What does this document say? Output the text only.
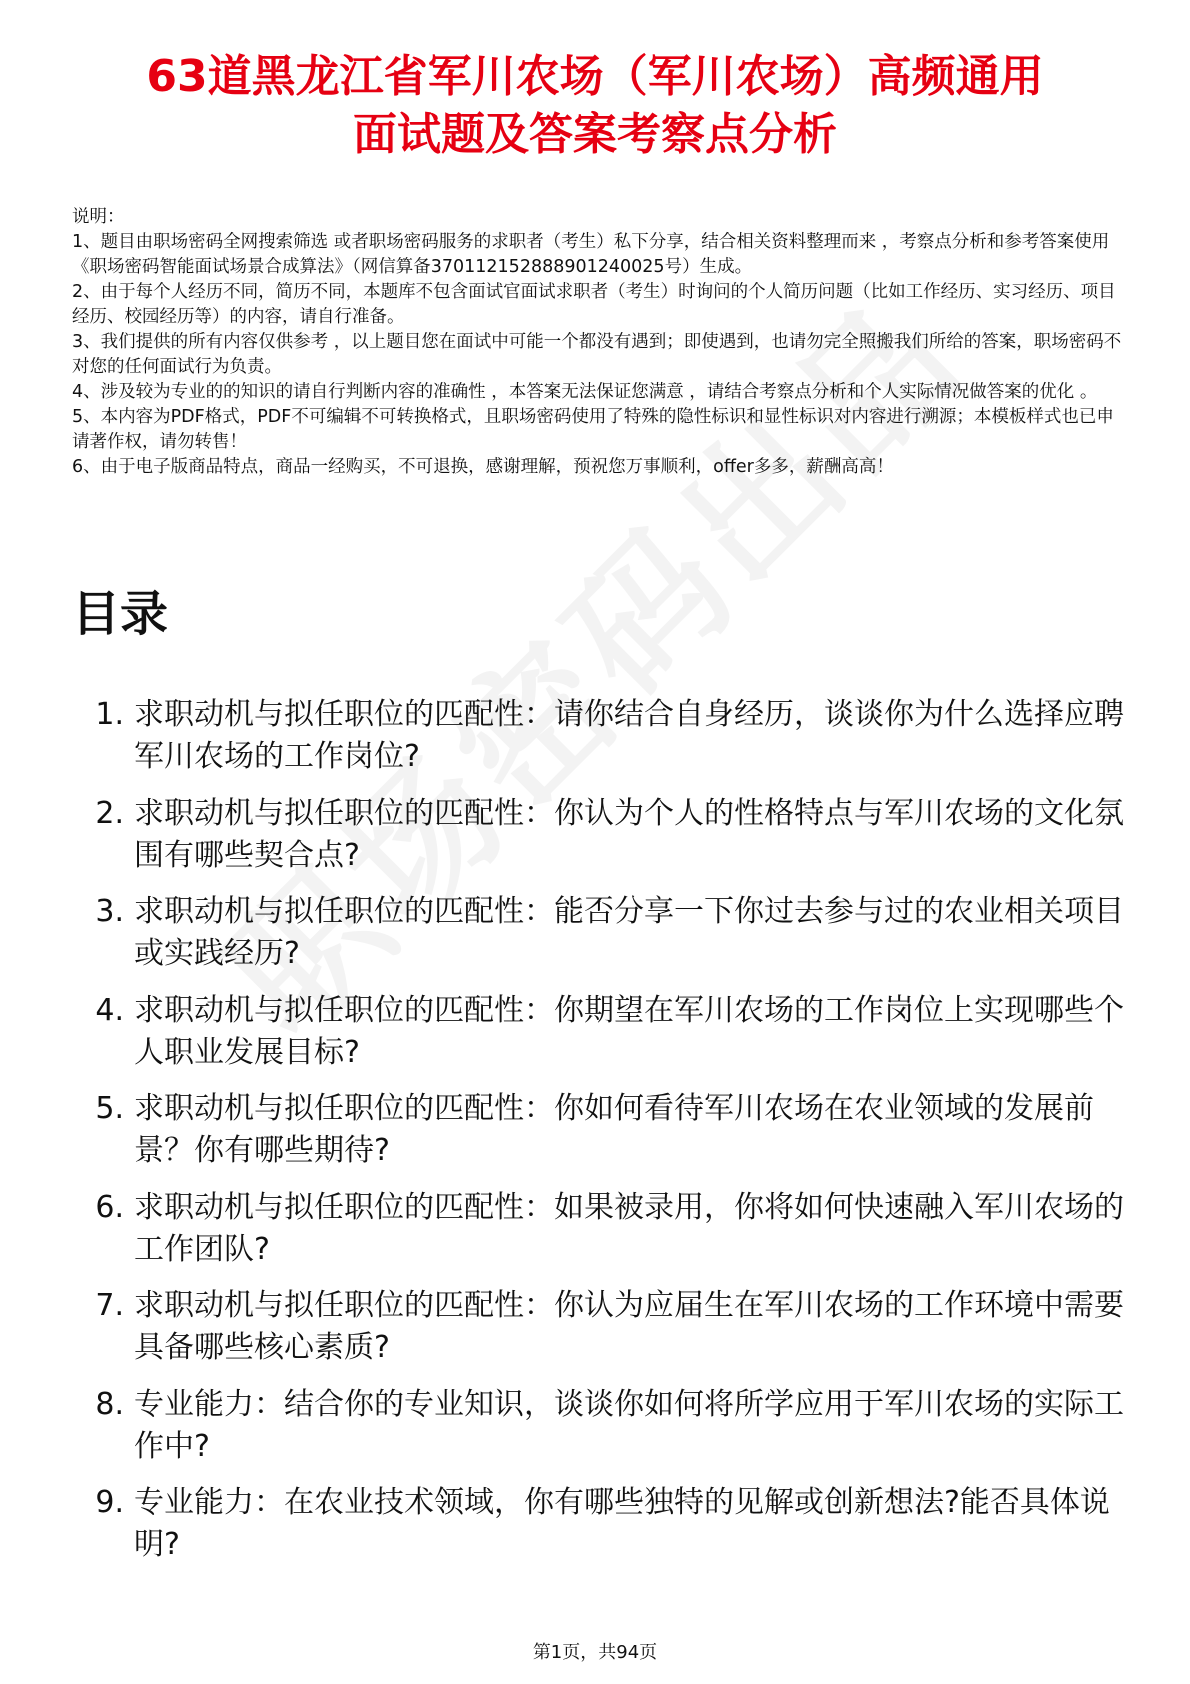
63道黑龙江省军川农场（军川农场）高频通用
面试题及答案考察点分析

说明：

1、题目由职场密码全网搜索筛选 或者职场密码服务的求职者（考生）私下分享，结合相关资料整理而来 ，考察点分析和参考答案使用《职场密码智能面试场景合成算法》（网信算备370112152888901240025号）生成。

2、由于每个人经历不同，简历不同，本题库不包含面试官面试求职者（考生）时询问的个人简历问题（比如工作经历、实习经历、项目经历、校园经历等）的内容，请自行准备。

3、我们提供的所有内容仅供参考 ，以上题目您在面试中可能一个都没有遇到；即使遇到，也请勿完全照搬我们所给的答案，职场密码不对您的任何面试行为负责。

4、涉及较为专业的的知识的请自行判断内容的准确性 ，本答案无法保证您满意 ，请结合考察点分析和个人实际情况做答案的优化 。

5、本内容为PDF格式，PDF不可编辑不可转换格式，且职场密码使用了特殊的隐性标识和显性标识对内容进行溯源；本模板样式也已申请著作权，请勿转售！

6、由于电子版商品特点，商品一经购买，不可退换，感谢理解，预祝您万事顺利，offer多多，薪酬高高！

目录
1. 求职动机与拟任职位的匹配性：请你结合自身经历，谈谈你为什么选择应聘军川农场的工作岗位?
2. 求职动机与拟任职位的匹配性：你认为个人的性格特点与军川农场的文化氛围有哪些契合点?
3. 求职动机与拟任职位的匹配性：能否分享一下你过去参与过的农业相关项目或实践经历?
4. 求职动机与拟任职位的匹配性：你期望在军川农场的工作岗位上实现哪些个人职业发展目标?
5. 求职动机与拟任职位的匹配性：你如何看待军川农场在农业领域的发展前景？你有哪些期待?
6. 求职动机与拟任职位的匹配性：如果被录用，你将如何快速融入军川农场的工作团队?
7. 求职动机与拟任职位的匹配性：你认为应届生在军川农场的工作环境中需要具备哪些核心素质?
8. 专业能力：结合你的专业知识，谈谈你如何将所学应用于军川农场的实际工作中?
9. 专业能力：在农业技术领域，你有哪些独特的见解或创新想法?能否具体说明?
第1页，共94页
